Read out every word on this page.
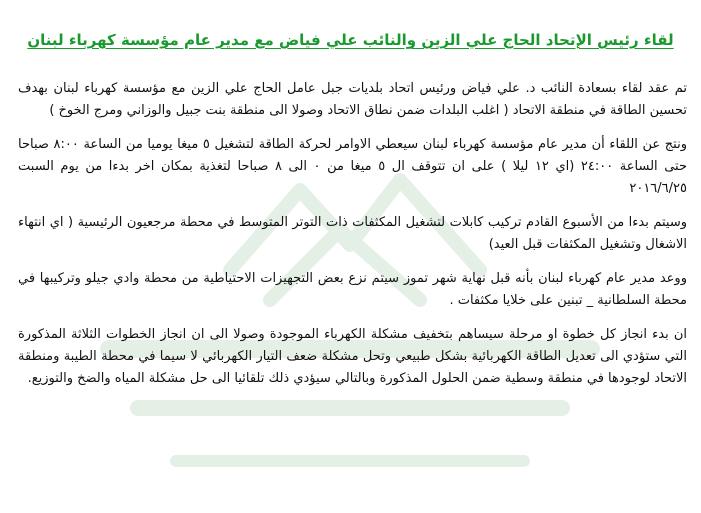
لقاء رئيس الإتحاد الحاج علي الزين والنائب علي فياض مع مدير عام مؤسسة كهرباء لبنان

تم عقد لقاء بسعادة النائب د. علي فياض ورئيس اتحاد بلديات جبل عامل الحاج علي الزين مع مؤسسة كهرباء لبنان بهدف تحسين الطاقة في منطقة الاتحاد ( اغلب البلدات ضمن نطاق الاتحاد وصولا الى منطقة بنت جبيل والوزاني ومرج الخوخ )

ونتج عن اللقاء أن مدير عام مؤسسة كهرباء لبنان سيعطي الاوامر لحركة الطاقة لتشغيل ٥ ميغا يوميا من الساعة ٨:٠٠ صباحا حتى الساعة ٢٤:٠٠ (اي ١٢ ليلا ) على ان تتوقف ال ٥ ميغا من ٠ الى ٨ صباحا لتغذية بمكان اخر بدءا من يوم السبت ٢٠١٦/٦/٢٥

وسيتم بدءا من الأسبوع القادم تركيب كابلات لتشغيل المكثفات ذات التوتر المتوسط في محطة مرجعيون الرئيسية ( اي انتهاء الاشغال وتشغيل المكثفات قبل العيد)

ووعد مدير عام كهرباء لبنان بأنه قبل نهاية شهر تموز سيتم نزع بعض التجهيزات الاحتياطية من محطة وادي جيلو وتركيبها في محطة السلطانية _ تبنين على خلايا مكثفات .

ان بدء انجاز كل خطوة او مرحلة سيساهم بتخفيف مشكلة الكهرباء الموجودة وصولا الى ان انجاز الخطوات الثلاثة المذكورة التي ستؤدي الى تعديل الطاقة الكهربائية بشكل طبيعي وتحل مشكلة ضعف التيار الكهربائي لا سيما في محطة الطيبة ومنطقة الاتحاد لوجودها في منطقة وسطية ضمن الحلول المذكورة وبالتالي سيؤدي ذلك تلقائيا الى حل مشكلة المياه والضخ والتوزيع.
